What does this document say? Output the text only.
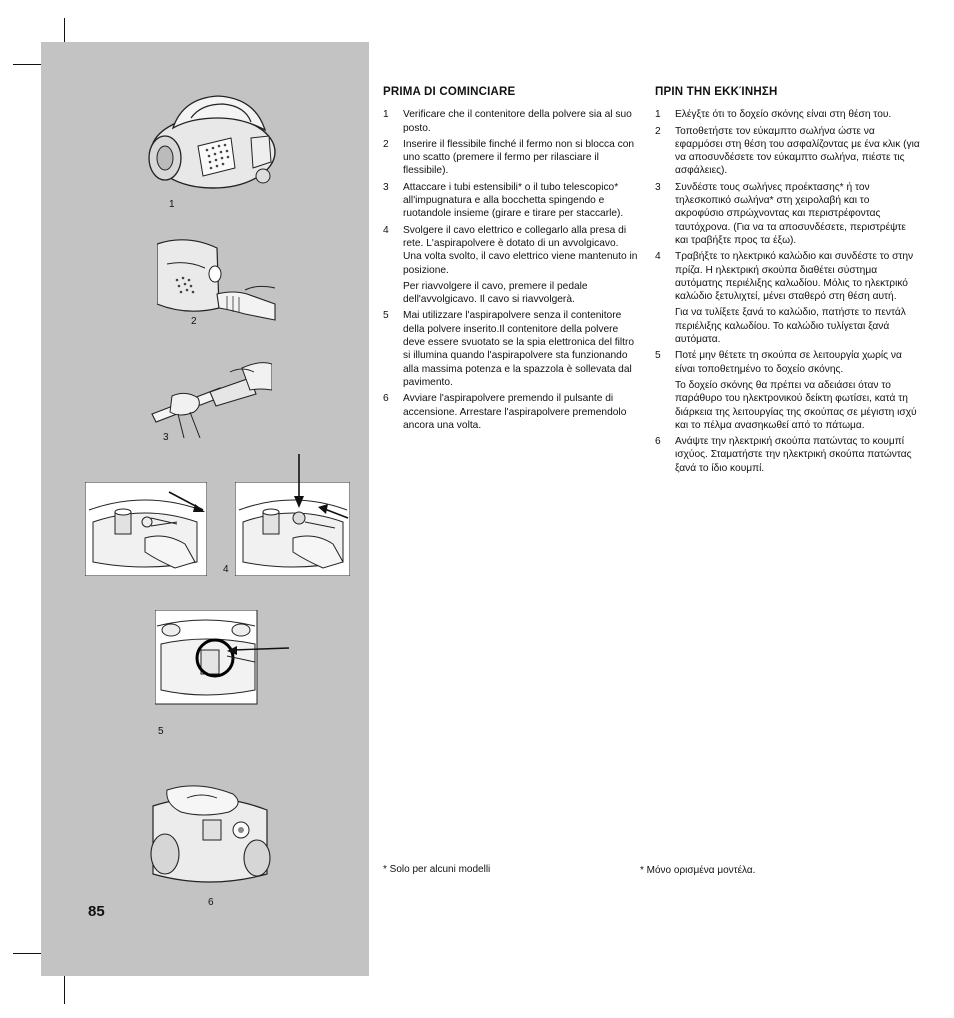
1
2
3
4
5
6
85
PRIMA DI COMINCIARE
1 Verificare che il contenitore della polvere sia al suo posto.

2 Inserire il flessibile finché il fermo non si blocca con uno scatto (premere il fermo per rilasciare il flessibile).

3 Attaccare i tubi estensibili* o il tubo telescopico* all'impugnatura e alla bocchetta spingendo e ruotandole insieme (girare e tirare per staccarle).

4 Svolgere il cavo elettrico e collegarlo alla presa di rete. L'aspirapolvere è dotato di un avvolgicavo. Una volta svolto, il cavo elettrico viene mantenuto in posizione.

Per riavvolgere il cavo, premere il pedale dell'avvolgicavo. Il cavo si riavvolgerà.

5 Mai utilizzare l'aspirapolvere senza il contenitore della polvere inserito.Il contenitore della polvere deve essere svuotato se la spia elettronica del filtro si illumina quando l'aspirapolvere sta funzionando alla massima potenza e la spazzola è sollevata dal pavimento.

6 Avviare l'aspirapolvere premendo il pulsante di accensione. Arrestare l'aspirapolvere premendolo ancora una volta.

ΠΡΙΝ ΤΗΝ ΕΚΚΊΝΗΣΗ
1 Ελέγξτε ότι το δοχείο σκόνης είναι στη θέση του.

2 Τοποθετήστε τον εύκαμπτο σωλήνα ώστε να εφαρμόσει στη θέση του ασφαλίζοντας με ένα κλικ (για να αποσυνδέσετε τον εύκαμπτο σωλήνα, πιέστε τις ασφάλειες).

3 Συνδέστε τους σωλήνες προέκτασης* ή τον τηλεσκοπικό σωλήνα* στη χειρολαβή και το ακροφύσιο σπρώχνοντας και περιστρέφοντας ταυτόχρονα. (Για να τα αποσυνδέσετε, περιστρέψτε και τραβήξτε προς τα έξω).

4 Τραβήξτε το ηλεκτρικό καλώδιο και συνδέστε το στην πρίζα. Η ηλεκτρική σκούπα διαθέτει σύστημα αυτόματης περιέλιξης καλωδίου. Μόλις το ηλεκτρικό καλώδιο ξετυλιχτεί, μένει σταθερό στη θέση αυτή.

Για να τυλίξετε ξανά το καλώδιο, πατήστε το πεντάλ περιέλιξης καλωδίου. Το καλώδιο τυλίγεται ξανά αυτόματα.

5 Ποτέ μην θέτετε τη σκούπα σε λειτουργία χωρίς να είναι τοποθετημένο το δοχείο σκόνης.

Το δοχείο σκόνης θα πρέπει να αδειάσει όταν το παράθυρο του ηλεκτρονικού δείκτη φωτίσει, κατά τη διάρκεια της λειτουργίας της σκούπας σε μέγιστη ισχύ και το πέλμα ανασηκωθεί από το πάτωμα.

6 Ανάψτε την ηλεκτρική σκούπα πατώντας το κουμπί ισχύος. Σταματήστε την ηλεκτρική σκούπα πατώντας ξανά το ίδιο κουμπί.

* Solo per alcuni modelli	* Μόνο ορισμένα μοντέλα.
